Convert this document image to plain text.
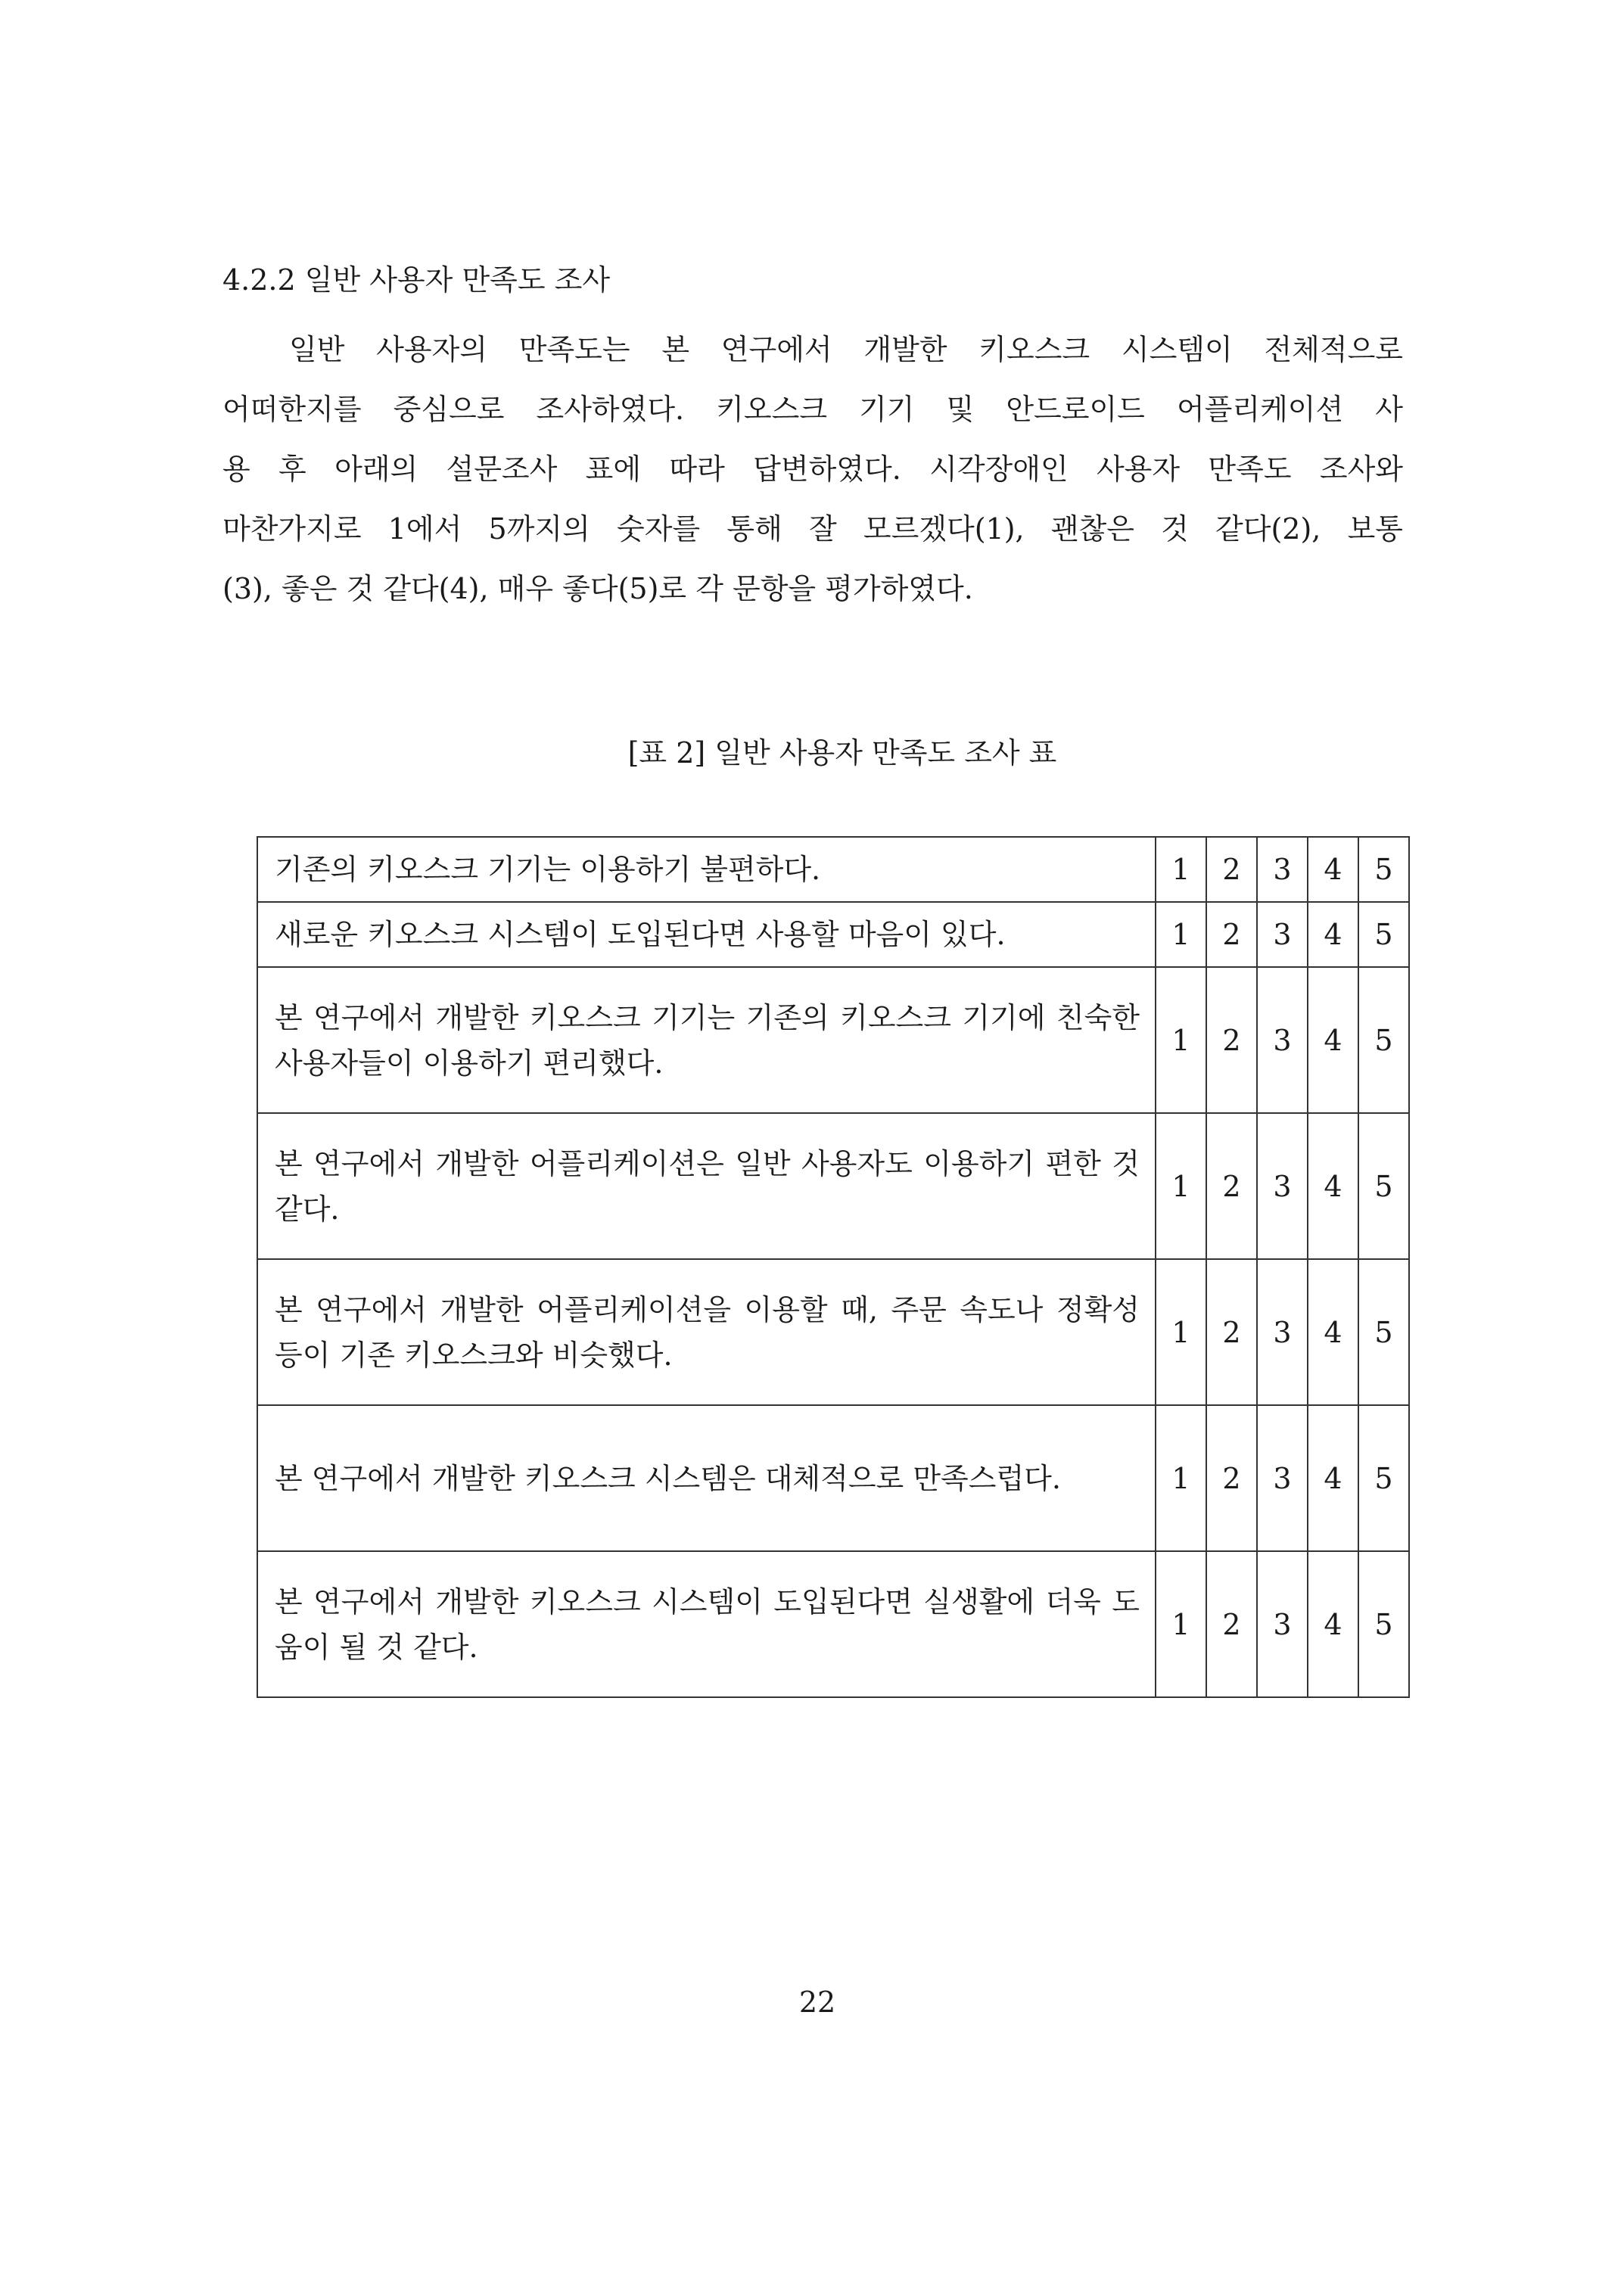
4.2.2 일반 사용자 만족도 조사

일반 사용자의 만족도는 본 연구에서 개발한 키오스크 시스템이 전체적으로
어떠한지를 중심으로 조사하였다. 키오스크 기기 및 안드로이드 어플리케이션 사
용 후 아래의 설문조사 표에 따라 답변하였다. 시각장애인 사용자 만족도 조사와
마찬가지로 1에서 5까지의 숫자를 통해 잘 모르겠다(1), 괜찮은 것 같다(2), 보통
(3), 좋은 것 같다(4), 매우 좋다(5)로 각 문항을 평가하였다.

[표 2] 일반 사용자 만족도 조사 표

기존의 키오스크 기기는 이용하기 불편하다.	1	2	3	4	5
새로운 키오스크 시스템이 도입된다면 사용할 마음이 있다.	1	2	3	4	5
본 연구에서 개발한 키오스크 기기는 기존의 키오스크 기기에 친숙한 사용자들이 이용하기 편리했다.	1	2	3	4	5
본 연구에서 개발한 어플리케이션은 일반 사용자도 이용하기 편한 것 같다.	1	2	3	4	5
본 연구에서 개발한 어플리케이션을 이용할 때, 주문 속도나 정확성 등이 기존 키오스크와 비슷했다.	1	2	3	4	5
본 연구에서 개발한 키오스크 시스템은 대체적으로 만족스럽다.	1	2	3	4	5
본 연구에서 개발한 키오스크 시스템이 도입된다면 실생활에 더욱 도움이 될 것 같다.	1	2	3	4	5

22
